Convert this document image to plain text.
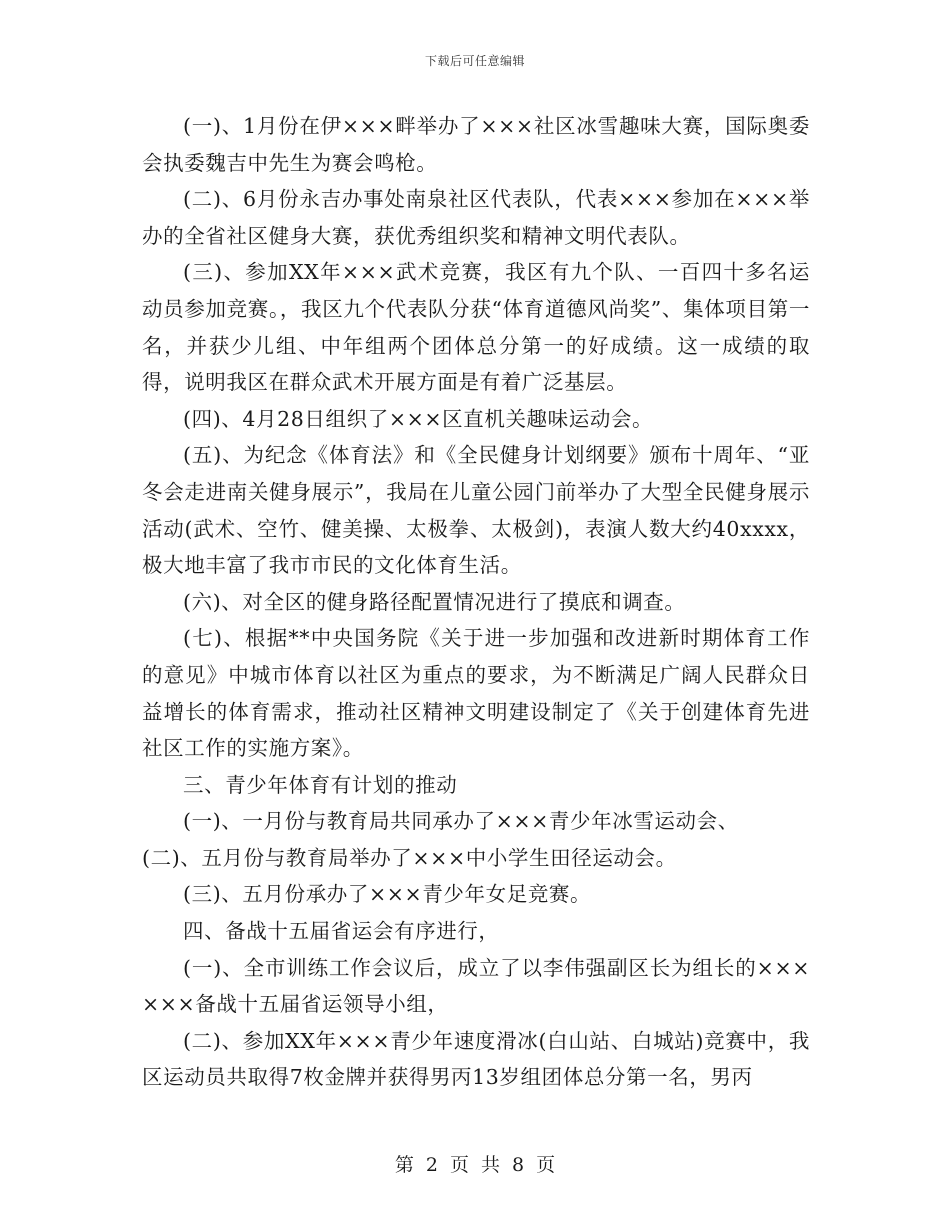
下载后可任意编辑

(一)、1月份在伊×××畔举办了×××社区冰雪趣味大赛，国际奥委会执委魏吉中先生为赛会鸣枪。

(二)、6月份永吉办事处南泉社区代表队，代表×××参加在×××举办的全省社区健身大赛，获优秀组织奖和精神文明代表队。

(三)、参加XX年×××武术竞赛，我区有九个队、一百四十多名运动员参加竞赛。，我区九个代表队分获“体育道德风尚奖”、集体项目第一名，并获少儿组、中年组两个团体总分第一的好成绩。这一成绩的取得，说明我区在群众武术开展方面是有着广泛基层。

(四)、4月28日组织了×××区直机关趣味运动会。

(五)、为纪念《体育法》和《全民健身计划纲要》颁布十周年、“亚冬会走进南关健身展示”，我局在儿童公园门前举办了大型全民健身展示活动(武术、空竹、健美操、太极拳、太极剑)，表演人数大约40xxxx，极大地丰富了我市市民的文化体育生活。

(六)、对全区的健身路径配置情况进行了摸底和调查。

(七)、根据**中央国务院《关于进一步加强和改进新时期体育工作的意见》中城市体育以社区为重点的要求，为不断满足广阔人民群众日益增长的体育需求，推动社区精神文明建设制定了《关于创建体育先进社区工作的实施方案》。

三、青少年体育有计划的推动

(一)、一月份与教育局共同承办了×××青少年冰雪运动会、

(二)、五月份与教育局举办了×××中小学生田径运动会。

(三)、五月份承办了×××青少年女足竞赛。

四、备战十五届省运会有序进行，

(一)、全市训练工作会议后，成立了以李伟强副区长为组长的××××××备战十五届省运领导小组，

(二)、参加XX年×××青少年速度滑冰(白山站、白城站)竞赛中，我区运动员共取得7枚金牌并获得男丙13岁组团体总分第一名，男丙

第 2 页 共 8 页
